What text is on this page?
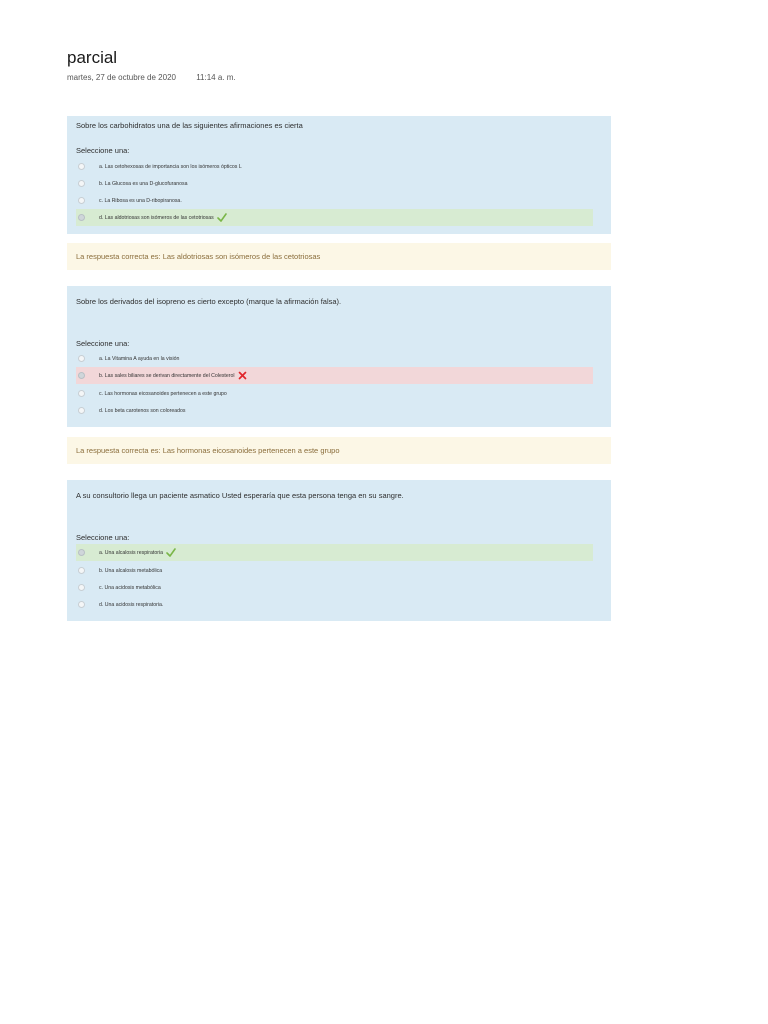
parcial
martes, 27 de octubre de 2020	11:14 a. m.
Sobre los carbohidratos una de las siguientes afirmaciones es cierta
Seleccione una:
a. Las cetohexosas de importancia son los isómeros ópticos L
b. La Glucosa es una D-glucofuranosa
c. La Ribosa es una D-ribopiranosa.
d. Las aldotriosas son isómeros de las cetotriosas
La respuesta correcta es: Las aldotriosas son isómeros de las cetotriosas
Sobre los derivados del isopreno es cierto excepto (marque la afirmación falsa).
Seleccione una:
a. La Vitamina A ayuda en la visión
b. Las sales biliares se derivan directamente del Colesterol
c. Las hormonas eicosanoides pertenecen a este grupo
d. Los beta carotenos son coloreados
La respuesta correcta es: Las hormonas eicosanoides pertenecen a este grupo
A su consultorio llega un paciente asmatico Usted esperaría que esta persona tenga en su sangre.
Seleccione una:
a. Una alcalosis respiratoria
b. Una alcalosis metabólica
c. Una acidosis metabólica
d. Una acidosis respiratoria.
